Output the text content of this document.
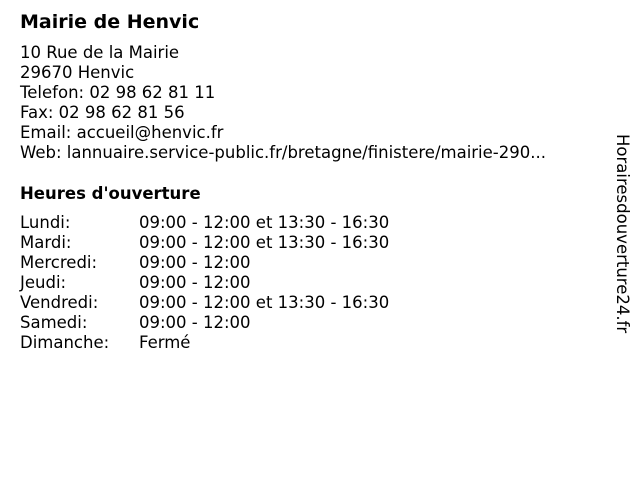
Mairie de Henvic
10 Rue de la Mairie
29670 Henvic
Telefon: 02 98 62 81 11
Fax: 02 98 62 81 56
Email: accueil@henvic.fr
Web: lannuaire.service-public.fr/bretagne/finistere/mairie-290...
Heures d'ouverture
Lundi:	09:00 - 12:00 et 13:30 - 16:30
Mardi:	09:00 - 12:00 et 13:30 - 16:30
Mercredi:	09:00 - 12:00
Jeudi:	09:00 - 12:00
Vendredi: 09:00 - 12:00 et 13:30 - 16:30
Samedi:	09:00 - 12:00
Dimanche: Fermé
Horairesdouverture24.fr
